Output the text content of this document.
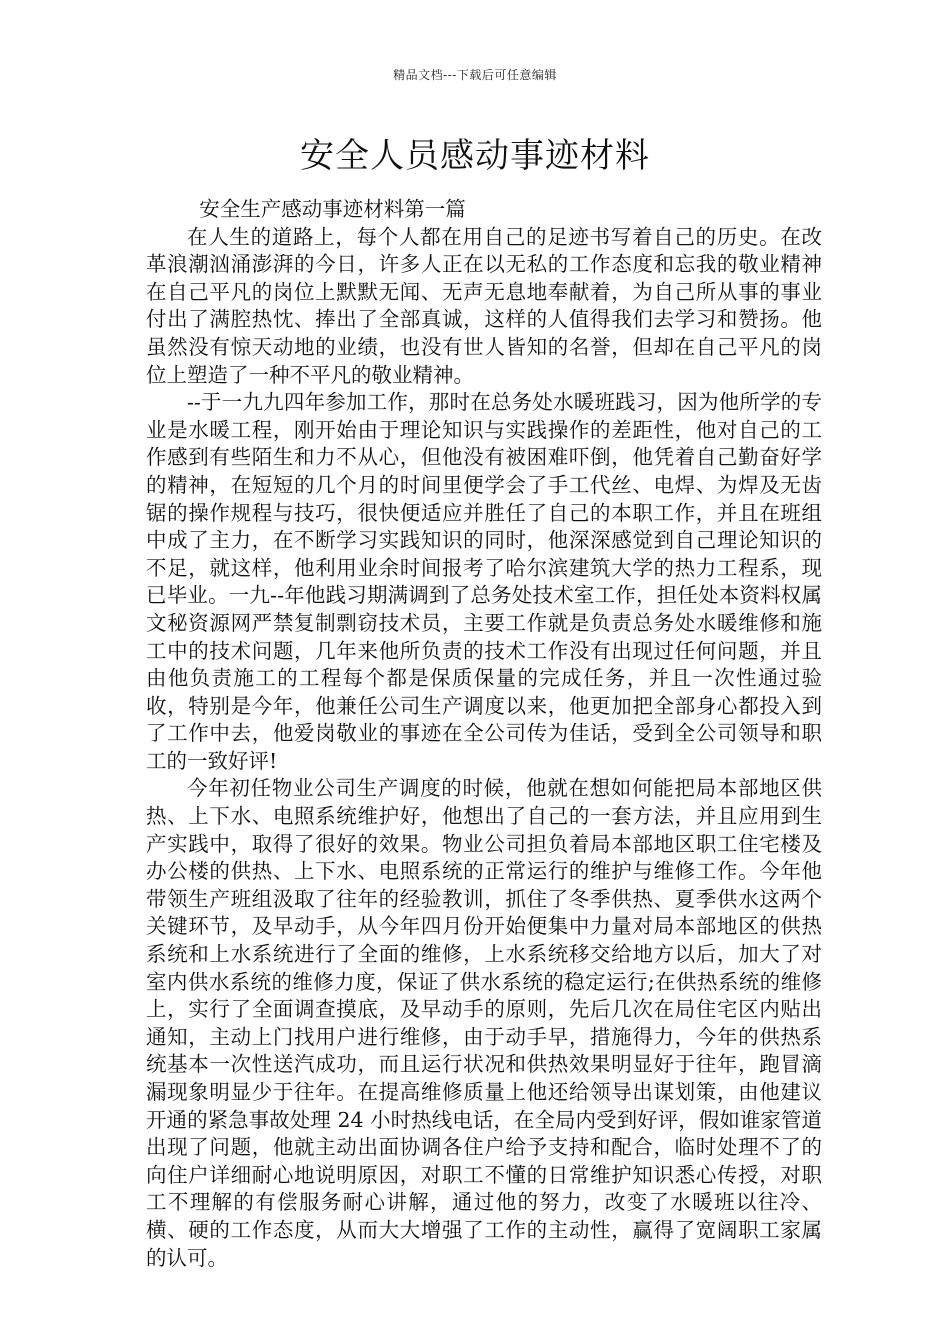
精品文档---下载后可任意编辑
安全人员感动事迹材料
安全生产感动事迹材料第一篇

在人生的道路上，每个人都在用自己的足迹书写着自己的历史。在改革浪潮汹涌澎湃的今日，许多人正在以无私的工作态度和忘我的敬业精神在自己平凡的岗位上默默无闻、无声无息地奉献着，为自己所从事的事业付出了满腔热忱、捧出了全部真诚，这样的人值得我们去学习和赞扬。他虽然没有惊天动地的业绩，也没有世人皆知的名誉，但却在自己平凡的岗位上塑造了一种不平凡的敬业精神。

--于一九九四年参加工作，那时在总务处水暖班践习，因为他所学的专业是水暖工程，刚开始由于理论知识与实践操作的差距性，他对自己的工作感到有些陌生和力不从心，但他没有被困难吓倒，他凭着自己勤奋好学的精神，在短短的几个月的时间里便学会了手工代丝、电焊、为焊及无齿锯的操作规程与技巧，很快便适应并胜任了自己的本职工作，并且在班组中成了主力，在不断学习实践知识的同时，他深深感觉到自己理论知识的不足，就这样，他利用业余时间报考了哈尔滨建筑大学的热力工程系，现已毕业。一九--年他践习期满调到了总务处技术室工作，担任处本资料权属文秘资源网严禁复制剽窃技术员，主要工作就是负责总务处水暖维修和施工中的技术问题，几年来他所负责的技术工作没有出现过任何问题，并且由他负责施工的工程每个都是保质保量的完成任务，并且一次性通过验收，特别是今年，他兼任公司生产调度以来，他更加把全部身心都投入到了工作中去，他爱岗敬业的事迹在全公司传为佳话，受到全公司领导和职工的一致好评!

今年初任物业公司生产调度的时候，他就在想如何能把局本部地区供热、上下水、电照系统维护好，他想出了自己的一套方法，并且应用到生产实践中，取得了很好的效果。物业公司担负着局本部地区职工住宅楼及办公楼的供热、上下水、电照系统的正常运行的维护与维修工作。今年他带领生产班组汲取了往年的经验教训，抓住了冬季供热、夏季供水这两个关键环节，及早动手，从今年四月份开始便集中力量对局本部地区的供热系统和上水系统进行了全面的维修，上水系统移交给地方以后，加大了对室内供水系统的维修力度，保证了供水系统的稳定运行;在供热系统的维修上，实行了全面调查摸底，及早动手的原则，先后几次在局住宅区内贴出通知，主动上门找用户进行维修，由于动手早，措施得力，今年的供热系统基本一次性送汽成功，而且运行状况和供热效果明显好于往年，跑冒滴漏现象明显少于往年。在提高维修质量上他还给领导出谋划策，由他建议开通的紧急事故处理 24 小时热线电话，在全局内受到好评，假如谁家管道出现了问题，他就主动出面协调各住户给予支持和配合，临时处理不了的向住户详细耐心地说明原因，对职工不懂的日常维护知识悉心传授，对职工不理解的有偿服务耐心讲解，通过他的努力，改变了水暖班以往冷、横、硬的工作态度，从而大大增强了工作的主动性，赢得了宽阔职工家属的认可。
